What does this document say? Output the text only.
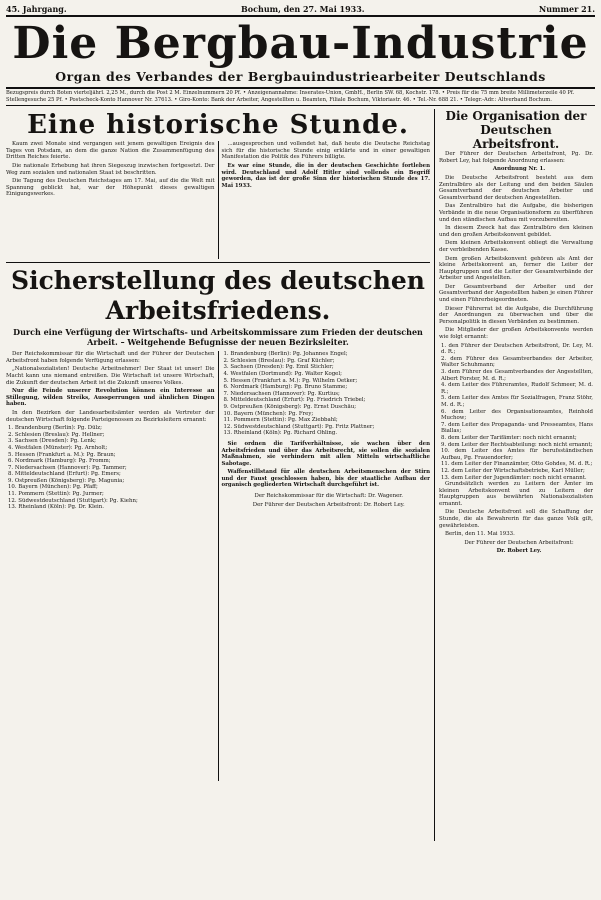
45. Jahrgang.	Bochum, den 27. Mai 1933.	Nummer 21.
Die Bergbau-Industrie
Organ des Verbandes der Bergbauindustriearbeiter Deutschlands
Bezugspreis durch Boten vierteljährl. 2,25 M., durch die Post 2 M. Einzelnummern 20 Pf. • Anzeigenannahme: Inserates-Union, GmbH., Berlin SW. 68, Kochstr. 178. • Preis für die 75 mm breite Millimeterzeile 40 Pf. Stellengesuche 25 Pf. • Postscheck-Konto Hannover Nr. 37613. • Giro-Konto: Bank der Arbeiter, Angestellten u. Beamten, Filiale Bochum, Viktoriastr. 46. • Tel.-Nr. 688 21. • Telegr.-Adr.: Altverband Bochum.
Eine historische Stunde.

Kaum zwei Monate sind vergangen seit jenem gewaltigen Ereignis des Tages von Potsdam, an dem die ganze Nation die Zusammenfügung des Dritten Reiches feierte.

Die nationale Erhebung hat ihren Siegeszug inzwischen fortgesetzt. Der Weg zum sozialen und nationalen Staat ist beschritten.

Die Tagung des Deutschen Reichstages am 17. Mai, auf die die Welt mit Spannung geblickt hat, war der Höhepunkt dieses gewaltigen Einigungswerkes.

...ausgesprochen und vollendet hat, daß heute die Deutsche Reichstag sich für die historische Stunde einig erklärte und in einer gewaltigen Manifestation die Politik des Führers billigte.

Es war eine Stunde, die in der deutschen Geschichte fortleben wird. Deutschland und Adolf Hitler sind vollends ein Begriff geworden, das ist der große Sinn der historischen Stunde des 17. Mai 1933.

Sicherstellung des deutschen Arbeitsfriedens.
Durch eine Verfügung der Wirtschafts- und Arbeitskommissare zum Frieden der deutschen Arbeit. – Weitgehende Befugnisse der neuen Bezirksleiter.

Der Reichskommissar für die Wirtschaft und der Führer der Deutschen Arbeitsfront haben folgende Verfügung erlassen:

„Nationalsozialisten! Deutsche Arbeitnehmer! Der Staat ist unser! Die Macht kann uns niemand entreißen. Die Wirtschaft ist unsere Wirtschaft, die Zukunft der deutschen Arbeit ist die Zukunft unseres Volkes.

Nur die Feinde unserer Revolution können ein Interesse an Stillegung, wilden Streiks, Aussperrungen und ähnlichen Dingen haben.

In den Bezirken der Landesarbeitsämter werden als Vertreter der deutschen Wirtschaft folgende Parteigenossen zu Bezirksleitern ernannt:

1. Brandenburg (Berlin): Pg. Dülz;
2. Schlesien (Breslau): Pg. Hellner;
3. Sachsen (Dresden): Pg. Lenk;
4. Westfalen (Münster): Pg. Arnholt;
5. Hessen (Frankfurt a. M.): Pg. Braun;
6. Nordmark (Hamburg): Pg. Fromm;
7. Niedersachsen (Hannover): Pg. Tammer;
8. Mitteldeutschland (Erfurt): Pg. Emers;
9. Ostpreußen (Königsberg): Pg. Magunia;
10. Bayern (München): Pg. Pfaff;
11. Pommern (Stettin): Pg. Jurmer;
12. Südwestdeutschland (Stuttgart): Pg. Kiehn;
13. Rheinland (Köln): Pg. Dr. Klein.
1. Brandenburg (Berlin): Pg. Johannes Engel;
2. Schlesien (Breslau): Pg. Graf Küchler;
3. Sachsen (Dresden): Pg. Emil Stichler;
4. Westfalen (Dortmund): Pg. Walter Kogel;
5. Hessen (Frankfurt a. M.): Pg. Wilhelm Oetker;
6. Nordmark (Hamburg): Pg. Bruno Stamme;
7. Niedersachsen (Hannover): Pg. Kurtius;
8. Mitteldeutschland (Erfurt): Pg. Friedrich Triebel;
9. Ostpreußen (Königsberg): Pg. Ernst Duschäu;
10. Bayern (München): Pg. Frey;
11. Pommern (Stettin): Pg. Max Ziebbahl;
12. Südwestdeutschland (Stuttgart): Pg. Fritz Plattner;
13. Rheinland (Köln): Pg. Richard Ohling.

Sie ordnen die Tarifverhältnisse, sie wachen über den Arbeitsfrieden und über das Arbeitsrecht, sie sollen die sozialen Maßnahmen, sie verhindern mit allen Mitteln wirtschaftliche Sabotage.

Waffenstillstand für alle deutschen Arbeitsmenschen der Stirn und der Faust geschlossen haben, bis der staatliche Aufbau der organisch gegliederten Wirtschaft durchgeführt ist.

Der Reichskommissar für die Wirtschaft: Dr. Wagener.

Der Führer der Deutschen Arbeitsfront: Dr. Robert Ley.

Die Organisation der Deutschen Arbeitsfront.

Der Führer der Deutschen Arbeitsfront, Pg. Dr. Robert Ley, hat folgende Anordnung erlassen:

Anordnung Nr. 1.

Die Deutsche Arbeitsfront besteht aus dem Zentralbüro als der Leitung und den beiden Säulen Gesamtverband der deutschen Arbeiter und Gesamtverband der deutschen Angestellten.

Das Zentralbüro hat die Aufgabe, die bisherigen Verbände in die neue Organisationsform zu überführen und den ständischen Aufbau mit vorzubereiten.

In diesem Zweck hat das Zentralbüro den kleinen und den großen Arbeitskonvent gebildet.

Dem kleinen Arbeitskonvent obliegt die Verwaltung der verbleibenden Kasse.

Dem großen Arbeitskonvent gehören als Amt der kleine Arbeitskonvent an, ferner die Leiter der Hauptgruppen und die Leiter der Gesamtverbände der Arbeiter und Angestellten.

Der Gesamtverband der Arbeiter und der Gesamtverband der Angestellten haben je einen Führer und einen Führerbeigeordneten.

Dieser Führerrat ist die Aufgabe, die Durchführung der Anordnungen zu überwachen und über die Personalpolitik in diesen Verbänden zu bestimmen.

Die Mitglieder der großen Arbeitskonvente werden wie folgt ernannt:

1. den Führer der Deutschen Arbeitsfront, Dr. Ley, M. d. R.;
2. dem Führer des Gesamtverbandes der Arbeiter, Walter Schuhmann;
3. dem Führer des Gesamtverbandes der Angestellten, Albert Forster, M. d. R.;
4. dem Leiter des Führeramtes, Rudolf Schmeer, M. d. R.;
5. dem Leiter des Amtes für Sozialfragen, Franz Stöhr, M. d. R.;
6. dem Leiter des Organisationsamtes, Reinhold Muchow;
7. dem Leiter des Propaganda- und Presseamtes, Hans Biallas;
8. dem Leiter der Tarifämter: noch nicht ernannt;
9. dem Leiter der Rechtsabteilung: noch nicht ernannt;
10. dem Leiter des Amtes für berufsständischen Aufbau, Pg. Frauendorfer;
11. dem Leiter der Finanzämter, Otto Gohdes, M. d. R.;
12. dem Leiter der Wirtschaftsbetriebe, Karl Müller;
13. dem Leiter der Jugendämter: noch nicht ernannt.

Grundsätzlich werden zu Leitern der Ämter im kleinen Arbeitskonvent und zu Leitern der Hauptgruppen aus bewährten Nationalsozialisten ernannt.

Die Deutsche Arbeitsfront soll die Schaffung der Stunde, die als Bewahrerin für das ganze Volk gilt, gewährleisten.

Berlin, den 11. Mai 1933.

Der Führer der Deutschen Arbeitsfront:

Dr. Robert Ley.
